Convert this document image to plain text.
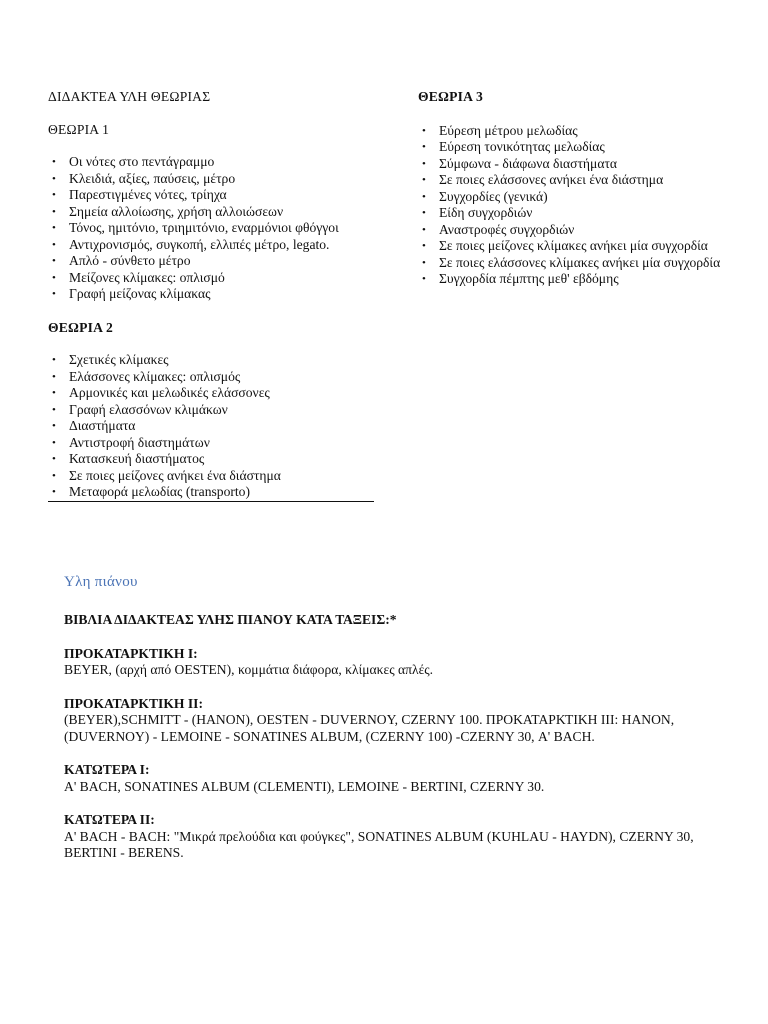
ΔΙΔΑΚΤΕΑ ΥΛΗ ΘΕΩΡΙΑΣ

ΘΕΩΡΙΑ 1

• Οι νότες στο πεντάγραμμο
• Κλειδιά, αξίες, παύσεις, μέτρο
• Παρεστιγμένες νότες, τρίηχα
• Σημεία αλλοίωσης, χρήση αλλοιώσεων
• Τόνος, ημιτόνιο, τριημιτόνιο, εναρμόνιοι φθόγγοι
• Αντιχρονισμός, συγκοπή, ελλιπές μέτρο, legato.
• Απλό - σύνθετο μέτρο
• Μείζονες κλίμακες: οπλισμό
• Γραφή μείζονας κλίμακας

ΘΕΩΡΙΑ 2

• Σχετικές κλίμακες
• Ελάσσονες κλίμακες: οπλισμός
• Αρμονικές και μελωδικές ελάσσονες
• Γραφή ελασσόνων κλιμάκων
• Διαστήματα
• Αντιστροφή διαστημάτων
• Κατασκευή διαστήματος
• Σε ποιες μείζονες ανήκει ένα διάστημα
• Μεταφορά μελωδίας (transporto)

ΘΕΩΡΙΑ 3

• Εύρεση μέτρου μελωδίας
• Εύρεση τονικότητας μελωδίας
• Σύμφωνα - διάφωνα διαστήματα
• Σε ποιες ελάσσονες ανήκει ένα διάστημα
• Συγχορδίες (γενικά)
• Είδη συγχορδιών
• Αναστροφές συγχορδιών
• Σε ποιες μείζονες κλίμακες ανήκει μία συγχορδία
• Σε ποιες ελάσσονες κλίμακες ανήκει μία συγχορδία
• Συγχορδία πέμπτης μεθ' εβδόμης
Υλη πιάνου
ΒΙΒΛΙΑ ΔΙΔΑΚΤΕΑΣ ΥΛΗΣ ΠΙΑΝΟΥ ΚΑΤΑ ΤΑΞΕΙΣ:*
ΠΡΟΚΑΤΑΡΚΤΙΚΗ Ι:
BEYER, (αρχή από OESTEN), κομμάτια διάφορα, κλίμακες απλές.
ΠΡΟΚΑΤΑΡΚΤΙΚΗ ΙΙ:
(BEYER),SCHMITT - (HANON), OESTEN - DUVERNOY, CZERNY 100. ΠΡΟΚΑΤΑΡΚΤΙΚΗ ΙΙΙ: HANON, (DUVERNOY) - LEMOINE - SONATINES ALBUM, (CZERNY 100) -CZERNY 30, Α' BACH.
ΚΑΤΩΤΕΡΑ Ι:
Α' BACH, SONATINES ALBUM (CLEMENTI), LEMOINE - BERTINI, CZERNY 30.
ΚΑΤΩΤΕΡΑ ΙΙ:
Α' BACH - BACH: "Μικρά πρελούδια και φούγκες", SONATINES ALBUM (KUHLAU - HAYDN), CZERNY 30, BERTINI - BERENS.
